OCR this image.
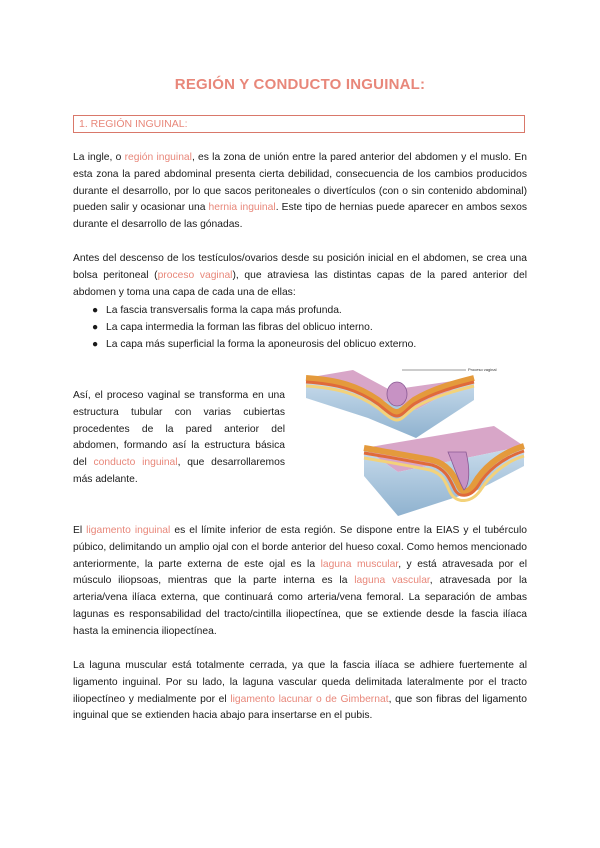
REGIÓN Y CONDUCTO INGUINAL:
1. REGIÓN INGUINAL:

La ingle, o región inguinal, es la zona de unión entre la pared anterior del abdomen y el muslo. En esta zona la pared abdominal presenta cierta debilidad, consecuencia de los cambios producidos durante el desarrollo, por lo que sacos peritoneales o divertículos (con o sin contenido abdominal) pueden salir y ocasionar una hernia inguinal. Este tipo de hernias puede aparecer en ambos sexos durante el desarrollo de las gónadas.

Antes del descenso de los testículos/ovarios desde su posición inicial en el abdomen, se crea una bolsa peritoneal (proceso vaginal), que atraviesa las distintas capas de la pared anterior del abdomen y toma una capa de cada una de ellas:

● La fascia transversalis forma la capa más profunda.
● La capa intermedia la forman las fibras del oblicuo interno.
● La capa más superficial la forma la aponeurosis del oblicuo externo.

Así, el proceso vaginal se transforma en una estructura tubular con varias cubiertas procedentes de la pared anterior del abdomen, formando así la estructura básica del conducto inguinal, que desarrollaremos más adelante.

Proceso vaginal

El ligamento inguinal es el límite inferior de esta región. Se dispone entre la EIAS y el tubérculo púbico, delimitando un amplio ojal con el borde anterior del hueso coxal. Como hemos mencionado anteriormente, la parte externa de este ojal es la laguna muscular, y está atravesada por el músculo iliopsoas, mientras que la parte interna es la laguna vascular, atravesada por la arteria/vena ilíaca externa, que continuará como arteria/vena femoral. La separación de ambas lagunas es responsabilidad del tracto/cintilla iliopectínea, que se extiende desde la fascia ilíaca hasta la eminencia iliopectínea.

La laguna muscular está totalmente cerrada, ya que la fascia ilíaca se adhiere fuertemente al ligamento inguinal. Por su lado, la laguna vascular queda delimitada lateralmente por el tracto iliopectíneo y medialmente por el ligamento lacunar o de Gimbernat, que son fibras del ligamento inguinal que se extienden hacia abajo para insertarse en el pubis.
